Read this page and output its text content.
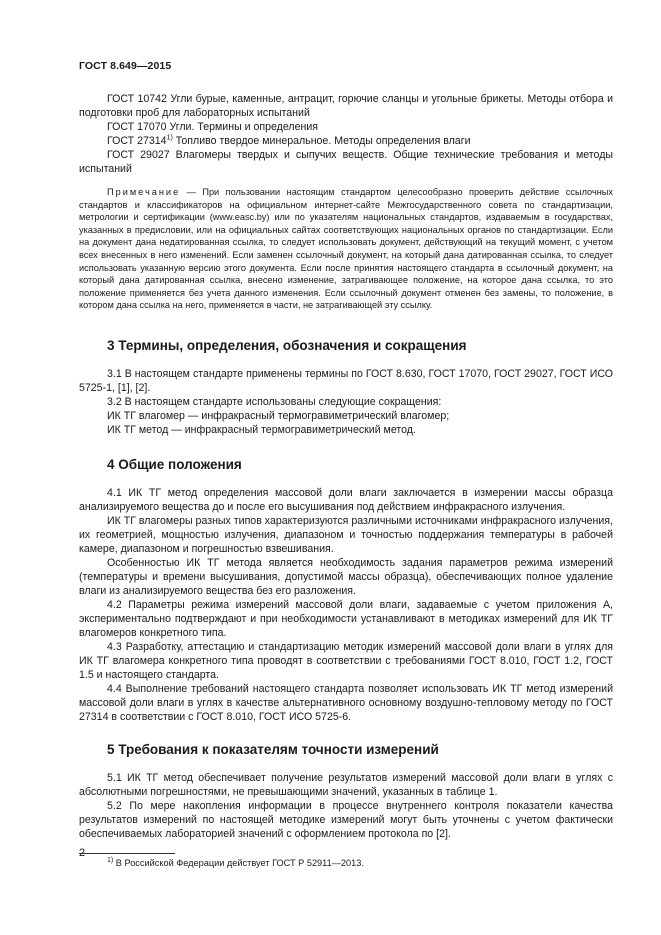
ГОСТ 8.649—2015

ГОСТ 10742 Угли бурые, каменные, антрацит, горючие сланцы и угольные брикеты. Методы отбора и подготовки проб для лабораторных испытаний

ГОСТ 17070 Угли. Термины и определения

ГОСТ 27314$^{1)}$ Топливо твердое минеральное. Методы определения влаги

ГОСТ 29027 Влагомеры твердых и сыпучих веществ. Общие технические требования и методы испытаний

Примечание — При пользовании настоящим стандартом целесообразно проверить действие ссылочных стандартов и классификаторов на официальном интернет-сайте Межгосударственного совета по стандартизации, метрологии и сертификации (www.easc.by) или по указателям национальных стандартов, издаваемым в государствах, указанных в предисловии, или на официальных сайтах соответствующих национальных органов по стандартизации. Если на документ дана недатированная ссылка, то следует использовать документ, действующий на текущий момент, с учетом всех внесенных в него изменений. Если заменен ссылочный документ, на который дана датированная ссылка, то следует использовать указанную версию этого документа. Если после принятия настоящего стандарта в ссылочный документ, на который дана датированная ссылка, внесено изменение, затрагивающее положение, на которое дана ссылка, то это положение применяется без учета данного изменения. Если ссылочный документ отменен без замены, то положение, в котором дана ссылка на него, применяется в части, не затрагивающей эту ссылку.

3 Термины, определения, обозначения и сокращения

3.1 В настоящем стандарте применены термины по ГОСТ 8.630, ГОСТ 17070, ГОСТ 29027, ГОСТ ИСО 5725-1, [1], [2].

3.2 В настоящем стандарте использованы следующие сокращения:

ИК ТГ влагомер — инфракрасный термогравиметрический влагомер;

ИК ТГ метод — инфракрасный термогравиметрический метод.

4 Общие положения

4.1 ИК ТГ метод определения массовой доли влаги заключается в измерении массы образца анализируемого вещества до и после его высушивания под действием инфракрасного излучения.

ИК ТГ влагомеры разных типов характеризуются различными источниками инфракрасного излучения, их геометрией, мощностью излучения, диапазоном и точностью поддержания температуры в рабочей камере, диапазоном и погрешностью взвешивания.

Особенностью ИК ТГ метода является необходимость задания параметров режима измерений (температуры и времени высушивания, допустимой массы образца), обеспечивающих полное удаление влаги из анализируемого вещества без его разложения.

4.2 Параметры режима измерений массовой доли влаги, задаваемые с учетом приложения А, экспериментально подтверждают и при необходимости устанавливают в методиках измерений для ИК ТГ влагомеров конкретного типа.

4.3 Разработку, аттестацию и стандартизацию методик измерений массовой доли влаги в углях для ИК ТГ влагомера конкретного типа проводят в соответствии с требованиями ГОСТ 8.010, ГОСТ 1.2, ГОСТ 1.5 и настоящего стандарта.

4.4 Выполнение требований настоящего стандарта позволяет использовать ИК ТГ метод измерений массовой доли влаги в углях в качестве альтернативного основному воздушно-тепловому методу по ГОСТ 27314 в соответствии с ГОСТ 8.010, ГОСТ ИСО 5725-6.

5 Требования к показателям точности измерений

5.1 ИК ТГ метод обеспечивает получение результатов измерений массовой доли влаги в углях с абсолютными погрешностями, не превышающими значений, указанных в таблице 1.

5.2 По мере накопления информации в процессе внутреннего контроля показатели качества результатов измерений по настоящей методике измерений могут быть уточнены с учетом фактически обеспечиваемых лабораторией значений с оформлением протокола по [2].

$^{1)}$ В Российской Федерации действует ГОСТ Р 52911—2013.

2
